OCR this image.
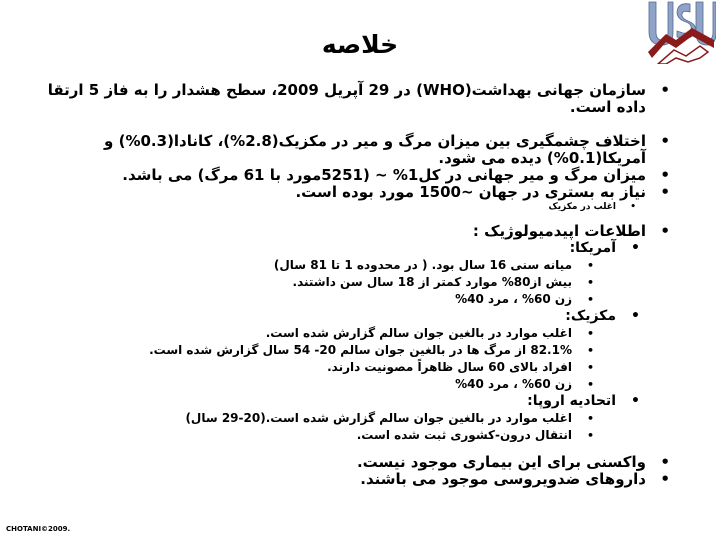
خلاصه
• سازمان جهانی بهداشت(WHO) در 29 آپریل 2009، سطح هشدار را به فاز 5 ارتقا داده است.
• اختلاف چشمگیری بین میزان مرگ و میر در مکزیک(2.8%)، کانادا(0.3%) و آمریکا(0.1%) دیده می شود.
• میزان مرگ و میر جهانی در کل1% ~ (5251مورد با 61 مرگ) می باشد.
• نیاز به بستری در جهان ~1500 مورد بوده است.
• اغلب در مکزیک
• اطلاعات اپیدمیولوژیک :
• آمریکا:
• میانه سنی 16 سال بود. ( در محدوده 1 تا 81 سال)
• بیش از80% موارد کمتر از 18 سال سن داشتند.
• زن 60% ، مرد 40%
• مکزیک:
• اغلب موارد در بالغین جوان سالم گزارش شده است.
• 82.1% از مرگ ها در بالغین جوان سالم 20- 54 سال گزارش شده است.
• افراد بالای 60 سال ظاهراً مصونیت دارند.
• زن 60% ، مرد 40%
• اتحادیه اروپا:
• اغلب موارد در بالغین جوان سالم گزارش شده است.(20-29 سال)
• انتقال درون-کشوری ثبت شده است.
• واکسنی برای این بیماری موجود نیست.
• داروهای ضدویروسی موجود می باشند.
CHOTANI©2009.
